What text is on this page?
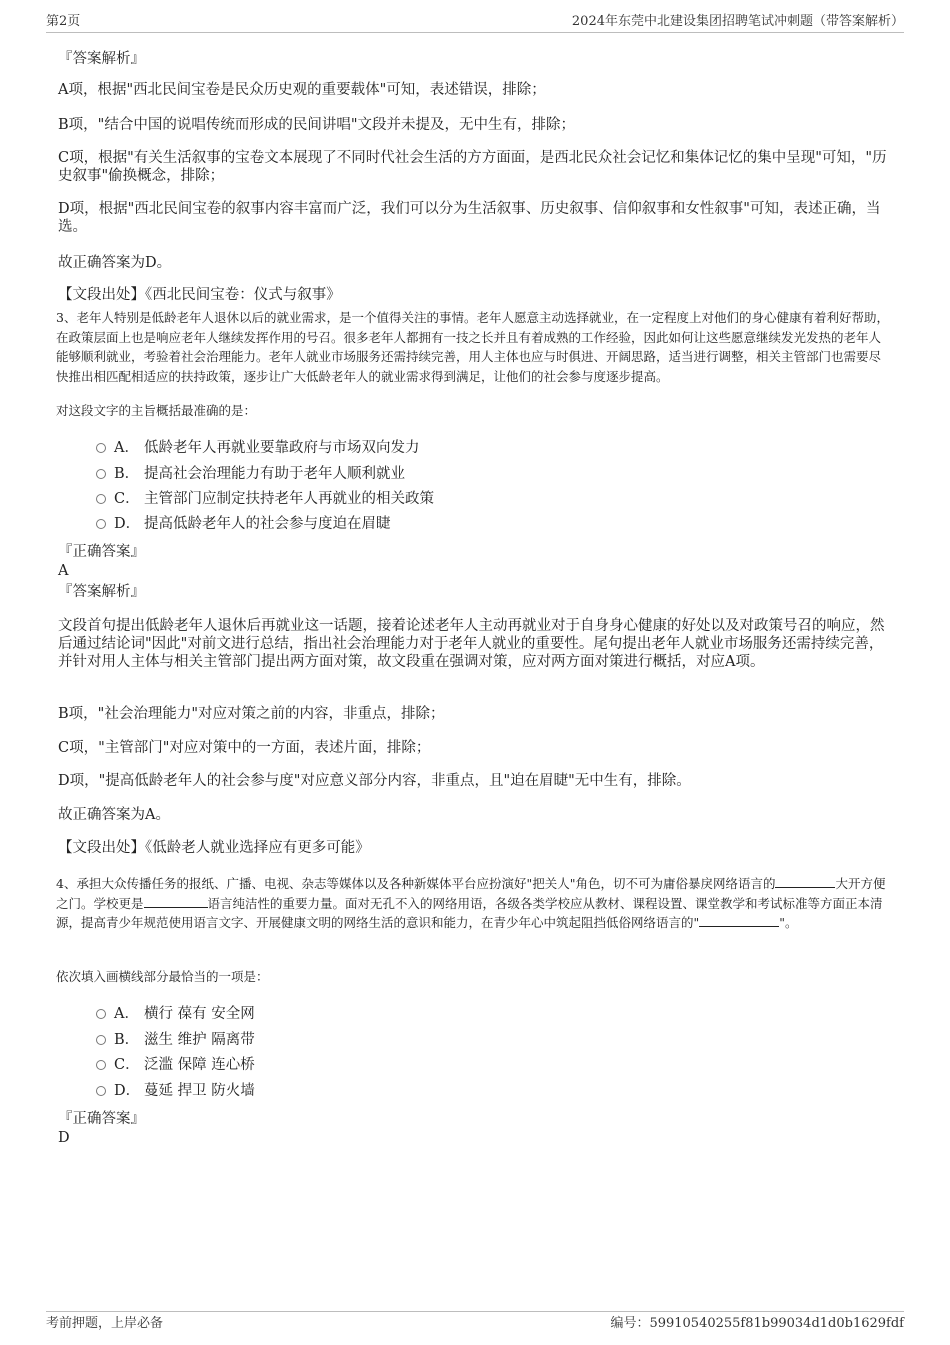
第2页	2024年东莞中北建设集团招聘笔试冲刺题（带答案解析）
『答案解析』
A项，根据"西北民间宝卷是民众历史观的重要载体"可知，表述错误，排除；
B项，"结合中国的说唱传统而形成的民间讲唱"文段并未提及，无中生有，排除；
C项，根据"有关生活叙事的宝卷文本展现了不同时代社会生活的方方面面，是西北民众社会记忆和集体记忆的集中呈现"可知，"历史叙事"偷换概念，排除；
D项，根据"西北民间宝卷的叙事内容丰富而广泛，我们可以分为生活叙事、历史叙事、信仰叙事和女性叙事"可知，表述正确，当选。
故正确答案为D。
【文段出处】《西北民间宝卷：仪式与叙事》
3、老年人特别是低龄老年人退休以后的就业需求，是一个值得关注的事情。老年人愿意主动选择就业，在一定程度上对他们的身心健康有着利好帮助，在政策层面上也是响应老年人继续发挥作用的号召。很多老年人都拥有一技之长并且有着成熟的工作经验，因此如何让这些愿意继续发光发热的老年人能够顺利就业，考验着社会治理能力。老年人就业市场服务还需持续完善，用人主体也应与时俱进、开阔思路，适当进行调整，相关主管部门也需要尽快推出相匹配相适应的扶持政策，逐步让广大低龄老年人的就业需求得到满足，让他们的社会参与度逐步提高。
对这段文字的主旨概括最准确的是：
A． 低龄老年人再就业要靠政府与市场双向发力
B． 提高社会治理能力有助于老年人顺利就业
C． 主管部门应制定扶持老年人再就业的相关政策
D． 提高低龄老年人的社会参与度迫在眉睫
『正确答案』
A
『答案解析』
文段首句提出低龄老年人退休后再就业这一话题，接着论述老年人主动再就业对于自身身心健康的好处以及对政策号召的响应，然后通过结论词"因此"对前文进行总结，指出社会治理能力对于老年人就业的重要性。尾句提出老年人就业市场服务还需持续完善，并针对用人主体与相关主管部门提出两方面对策，故文段重在强调对策，应对两方面对策进行概括，对应A项。
B项，"社会治理能力"对应对策之前的内容，非重点，排除；
C项，"主管部门"对应对策中的一方面，表述片面，排除；
D项，"提高低龄老年人的社会参与度"对应意义部分内容，非重点，且"迫在眉睫"无中生有，排除。
故正确答案为A。
【文段出处】《低龄老人就业选择应有更多可能》
4、承担大众传播任务的报纸、广播、电视、杂志等媒体以及各种新媒体平台应扮演好"把关人"角色，切不可为庸俗暴戾网络语言的	大开方便之门。学校更是	语言纯洁性的重要力量。面对无孔不入的网络用语，各级各类学校应从教材、课程设置、课堂教学和考试标准等方面正本清源，提高青少年规范使用语言文字、开展健康文明的网络生活的意识和能力，在青少年心中筑起阻挡低俗网络语言的"	"。
依次填入画横线部分最恰当的一项是：
A． 横行 葆有 安全网
B． 滋生 维护 隔离带
C． 泛滥 保障 连心桥
D． 蔓延 捍卫 防火墙
『正确答案』
D
考前押题，上岸必备	编号：59910540255f81b99034d1d0b1629fdf
